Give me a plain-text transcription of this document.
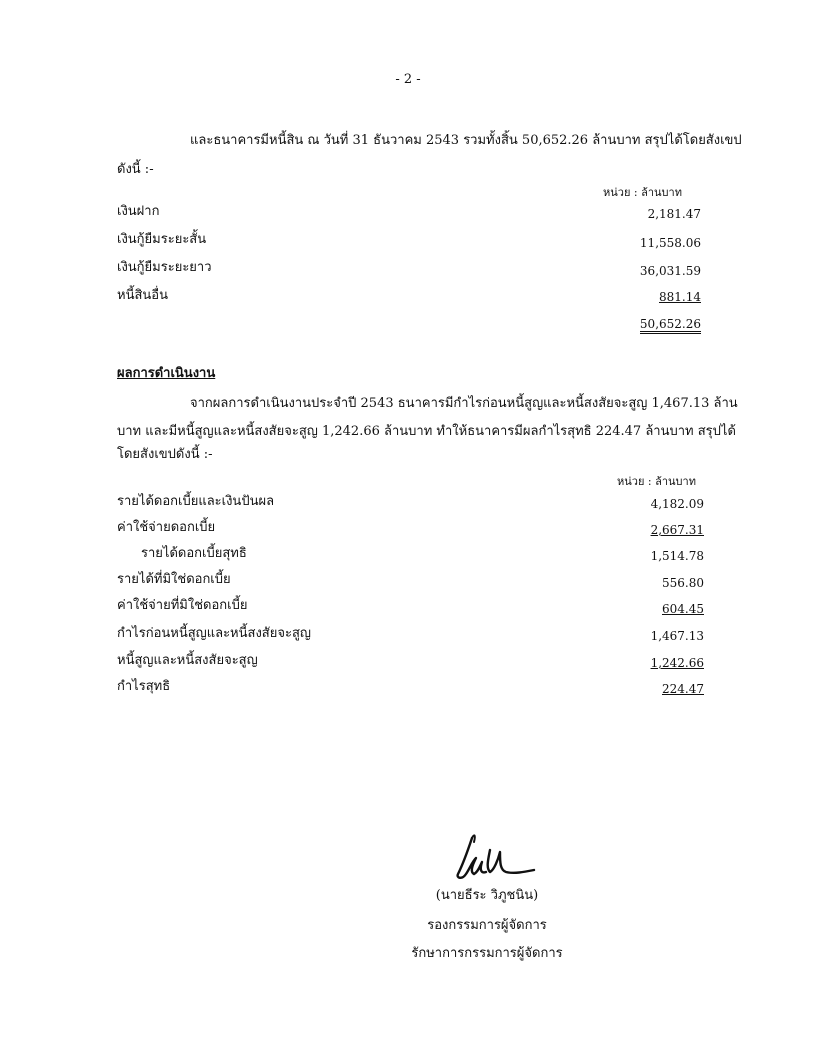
- 2 -
และธนาคารมีหนี้สิน ณ วันที่ 31 ธันวาคม 2543 รวมทั้งสิ้น 50,652.26 ล้านบาท สรุปได้โดยสังเขป
ดังนี้ :-
หน่วย : ล้านบาท
เงินฝาก	2,181.47
เงินกู้ยืมระยะสั้น	11,558.06
เงินกู้ยืมระยะยาว	36,031.59
หนี้สินอื่น	881.14
50,652.26
ผลการดำเนินงาน
จากผลการดำเนินงานประจำปี 2543 ธนาคารมีกำไรก่อนหนี้สูญและหนี้สงสัยจะสูญ 1,467.13 ล้าน
บาท และมีหนี้สูญและหนี้สงสัยจะสูญ 1,242.66 ล้านบาท ทำให้ธนาคารมีผลกำไรสุทธิ 224.47 ล้านบาท สรุปได้
โดยสังเขปดังนี้ :-
หน่วย : ล้านบาท
รายได้ดอกเบี้ยและเงินปันผล	4,182.09
ค่าใช้จ่ายดอกเบี้ย	2,667.31
รายได้ดอกเบี้ยสุทธิ	1,514.78
รายได้ที่มิใช่ดอกเบี้ย	556.80
ค่าใช้จ่ายที่มิใช่ดอกเบี้ย	604.45
กำไรก่อนหนี้สูญและหนี้สงสัยจะสูญ	1,467.13
หนี้สูญและหนี้สงสัยจะสูญ	1,242.66
กำไรสุทธิ	224.47
(นายธีระ วิภูชนิน)
รองกรรมการผู้จัดการ
รักษาการกรรมการผู้จัดการ
